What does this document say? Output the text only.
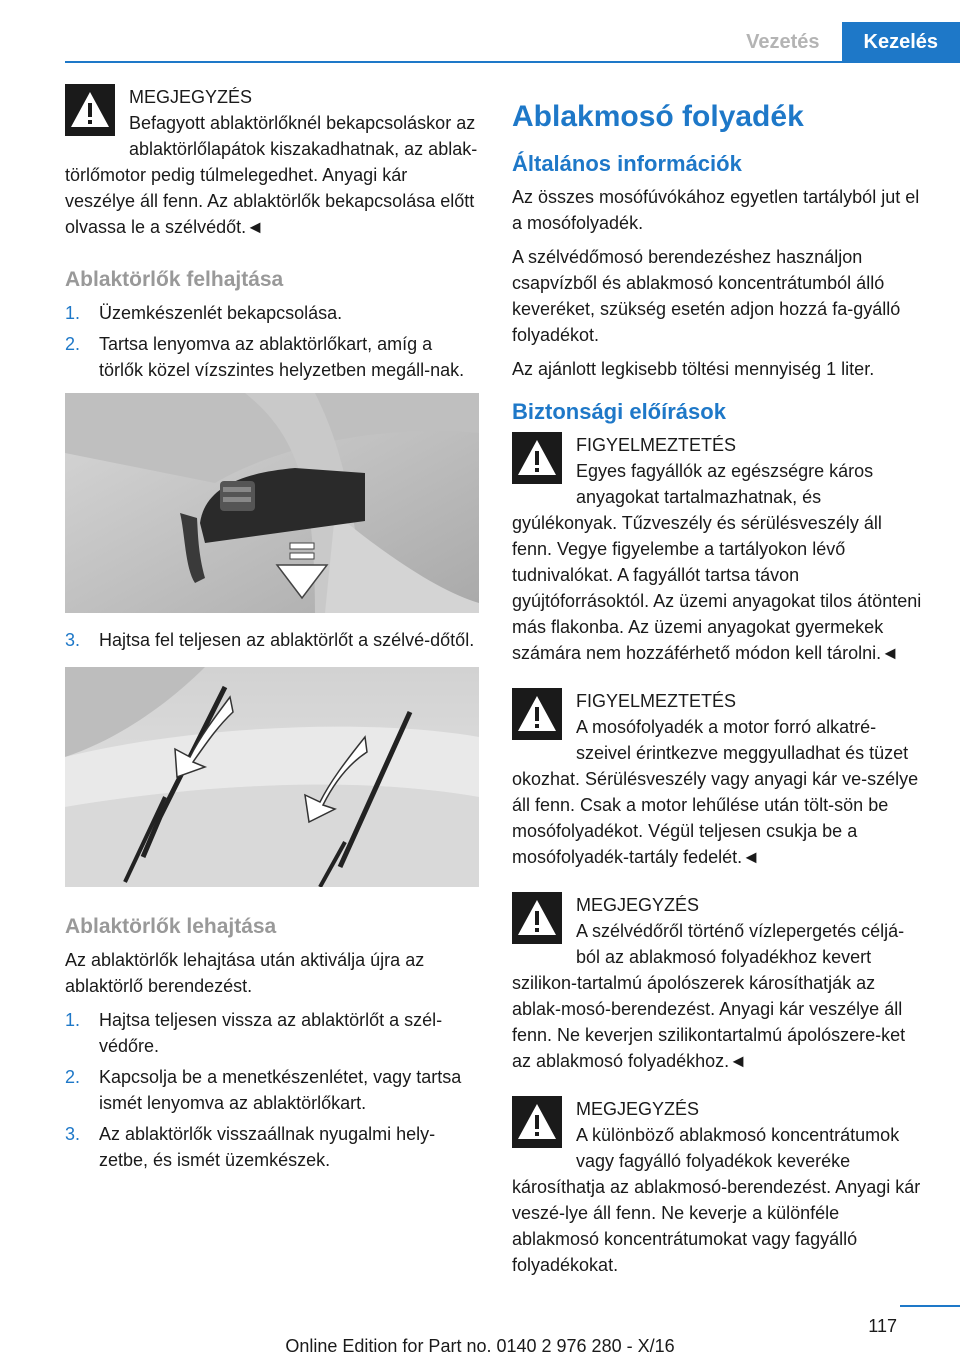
Vezetés	Kezelés
MEGJEGYZÉS
Befagyott ablaktörlőknél bekapcsoláskor az ablaktörlőlapátok kiszakadhatnak, az ablak-törlőmotor pedig túlmelegedhet. Anyagi kár veszélye áll fenn. Az ablaktörlők bekapcsolása előtt olvassa le a szélvédőt.◄
Ablaktörlők felhajtása
1. Üzemkészenlét bekapcsolása.
2. Tartsa lenyomva az ablaktörlőkart, amíg a törlők közel vízszintes helyzetben megáll-nak.
3. Hajtsa fel teljesen az ablaktörlőt a szélvé-dőtől.
Ablaktörlők lehajtása

Az ablaktörlők lehajtása után aktiválja újra az ablaktörlő berendezést.

1. Hajtsa teljesen vissza az ablaktörlőt a szél-védőre.
2. Kapcsolja be a menetkészenlétet, vagy tartsa ismét lenyomva az ablaktörlőkart.
3. Az ablaktörlők visszaállnak nyugalmi hely-zetbe, és ismét üzemkészek.
Ablakmosó folyadék
Általános információk

Az összes mosófúvókához egyetlen tartályból jut el a mosófolyadék.

A szélvédőmosó berendezéshez használjon csapvízből és ablakmosó koncentrátumból álló keveréket, szükség esetén adjon hozzá fa-gyálló folyadékot.

Az ajánlott legkisebb töltési mennyiség 1 liter.

Biztonsági előírások
FIGYELMEZTETÉS
Egyes fagyállók az egészségre káros anyagokat tartalmazhatnak, és gyúlékonyak. Tűzveszély és sérülésveszély áll fenn. Vegye figyelembe a tartályokon lévő tudnivalókat. A fagyállót tartsa távon gyújtóforrásoktól. Az üzemi anyagokat tilos átönteni más flakonba. Az üzemi anyagokat gyermekek számára nem hozzáférhető módon kell tárolni.◄
FIGYELMEZTETÉS
A mosófolyadék a motor forró alkatré-szeivel érintkezve meggyulladhat és tüzet okozhat. Sérülésveszély vagy anyagi kár ve-szélye áll fenn. Csak a motor lehűlése után tölt-sön be mosófolyadékot. Végül teljesen csukja be a mosófolyadék-tartály fedelét.◄
MEGJEGYZÉS
A szélvédőről történő vízlepergetés céljá-ból az ablakmosó folyadékhoz kevert szilikon-tartalmú ápolószerek károsíthatják az ablak-mosó-berendezést. Anyagi kár veszélye áll fenn. Ne keverjen szilikontartalmú ápolószere-ket az ablakmosó folyadékhoz.◄
MEGJEGYZÉS
A különböző ablakmosó koncentrátumok vagy fagyálló folyadékok keveréke károsíthatja az ablakmosó-berendezést. Anyagi kár veszé-lye áll fenn. Ne keverje a különféle ablakmosó koncentrátumokat vagy fagyálló folyadékokat.
117
Online Edition for Part no. 0140 2 976 280 - X/16
